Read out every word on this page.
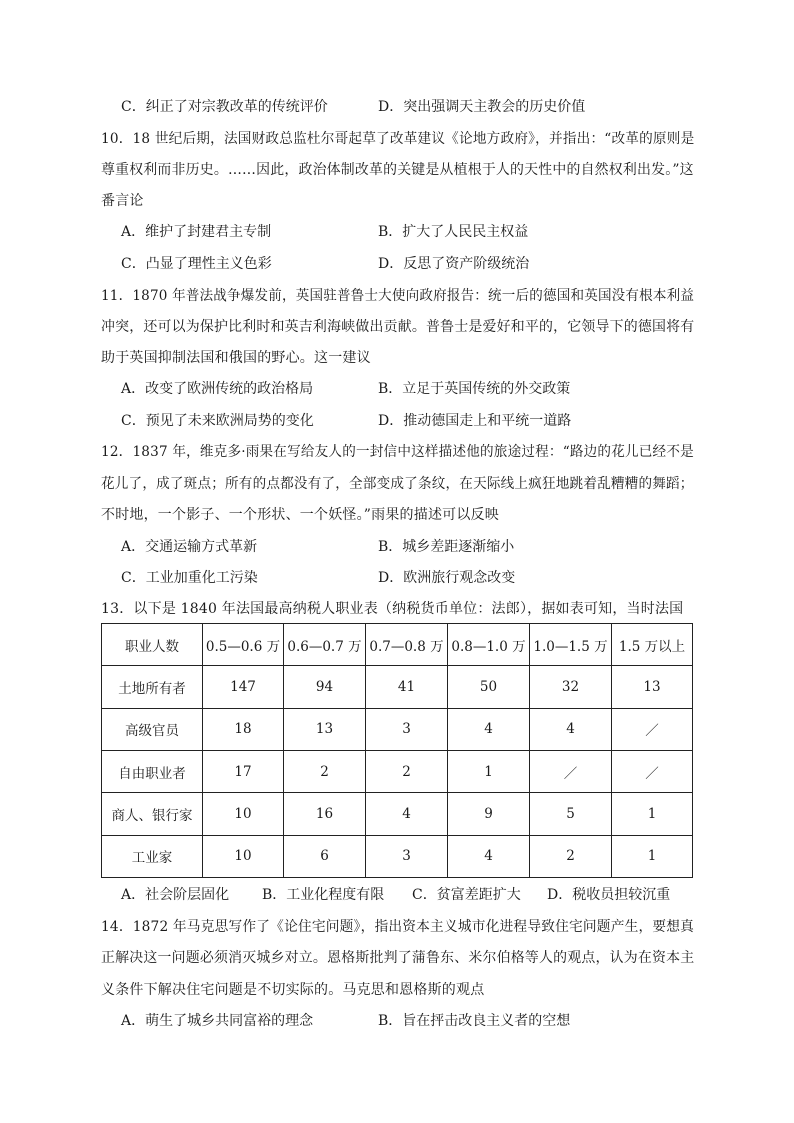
C．纠正了对宗教改革的传统评价	D．突出强调天主教会的历史价值
10．18 世纪后期，法国财政总监杜尔哥起草了改革建议《论地方政府》，并指出：“改革的原则是
尊重权利而非历史。……因此，政治体制改革的关键是从植根于人的天性中的自然权利出发。”这
番言论
A．维护了封建君主专制	B．扩大了人民民主权益
C．凸显了理性主义色彩	D．反思了资产阶级统治
11．1870 年普法战争爆发前，英国驻普鲁士大使向政府报告：统一后的德国和英国没有根本利益
冲突，还可以为保护比利时和英吉利海峡做出贡献。普鲁士是爱好和平的，它领导下的德国将有
助于英国抑制法国和俄国的野心。这一建议
A．改变了欧洲传统的政治格局	B．立足于英国传统的外交政策
C．预见了未来欧洲局势的变化	D．推动德国走上和平统一道路
12．1837 年，维克多·雨果在写给友人的一封信中这样描述他的旅途过程：“路边的花儿已经不是
花儿了，成了斑点；所有的点都没有了，全部变成了条纹，在天际线上疯狂地跳着乱糟糟的舞蹈；
不时地，一个影子、一个形状、一个妖怪。”雨果的描述可以反映
A．交通运输方式革新	B．城乡差距逐渐缩小
C．工业加重化工污染	D．欧洲旅行观念改变
13．以下是 1840 年法国最高纳税人职业表（纳税货币单位：法郎），据如表可知，当时法国
职业人数	0.5—0.6 万	0.6—0.7 万	0.7—0.8 万	0.8—1.0 万	1.0—1.5 万	1.5 万以上
土地所有者	147	94	41	50	32	13
高级官员	18	13	3	4	4	／
自由职业者	17	2	2	1	／	／
商人、银行家	10	16	4	9	5	1
工业家	10	6	3	4	2	1
A．社会阶层固化 B．工业化程度有限 C．贫富差距扩大 D．税收员担较沉重
14．1872 年马克思写作了《论住宅问题》，指出资本主义城市化进程导致住宅问题产生，要想真
正解决这一问题必须消灭城乡对立。恩格斯批判了蒲鲁东、米尔伯格等人的观点，认为在资本主
义条件下解决住宅问题是不切实际的。马克思和恩格斯的观点
A．萌生了城乡共同富裕的理念	B．旨在抨击改良主义者的空想
